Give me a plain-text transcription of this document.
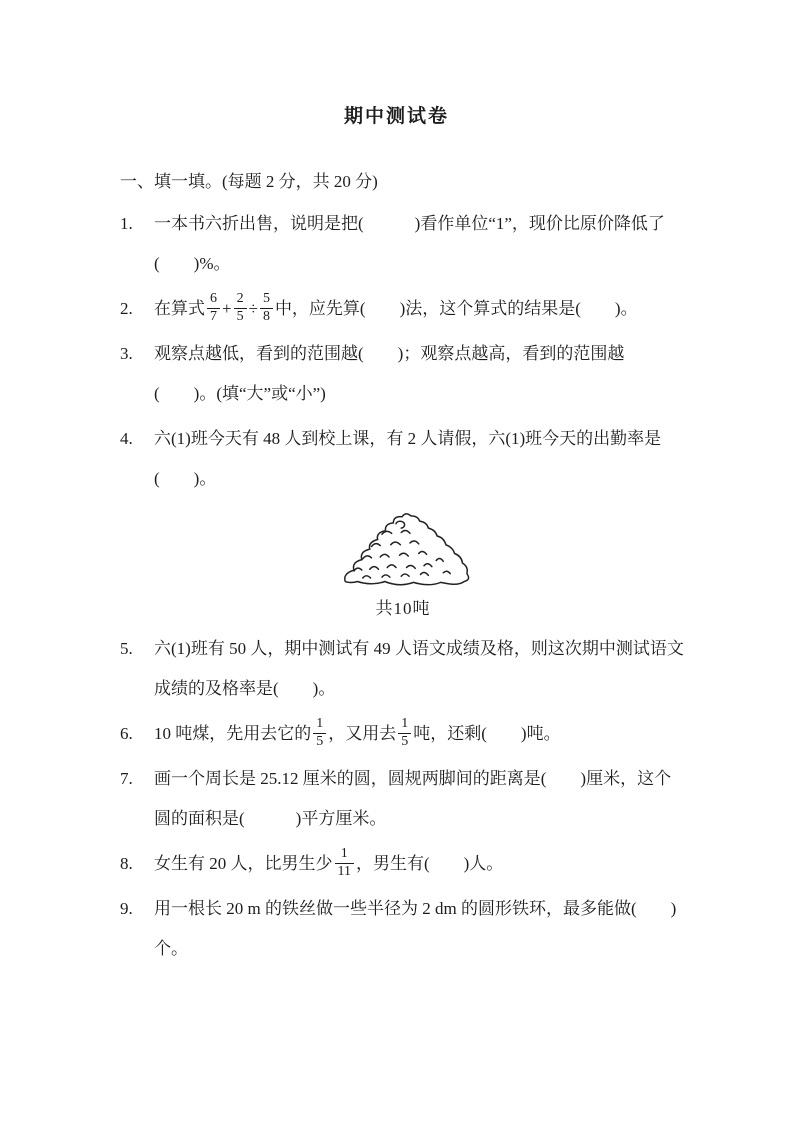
期中测试卷
一、填一填。(每题 2 分，共 20 分)
1. 一本书六折出售，说明是把(　　　)看作单位“1”，现价比原价降低了(　　)%。
2. 在算式 $\frac{6}{7} + \frac{2}{5} \div \frac{5}{8}$ 中，应先算(　　)法，这个算式的结果是(　　)。
3. 观察点越低，看到的范围越(　　)；观察点越高，看到的范围越(　　)。(填“大”或“小”)
4. 六(1)班今天有 48 人到校上课，有 2 人请假，六(1)班今天的出勤率是(　　)。
共10吨
5. 六(1)班有 50 人，期中测试有 49 人语文成绩及格，则这次期中测试语文成绩的及格率是(　　)。
6. 10 吨煤，先用去它的 $\frac{1}{5}$ ，又用去 $\frac{1}{5}$ 吨，还剩(　　)吨。
7. 画一个周长是 25.12 厘米的圆，圆规两脚间的距离是(　　)厘米，这个圆的面积是(　　　)平方厘米。
8. 女生有 20 人，比男生少 $\frac{1}{11}$ ，男生有(　　)人。
9. 用一根长 20 m 的铁丝做一些半径为 2 dm 的圆形铁环，最多能做(　　)个。
